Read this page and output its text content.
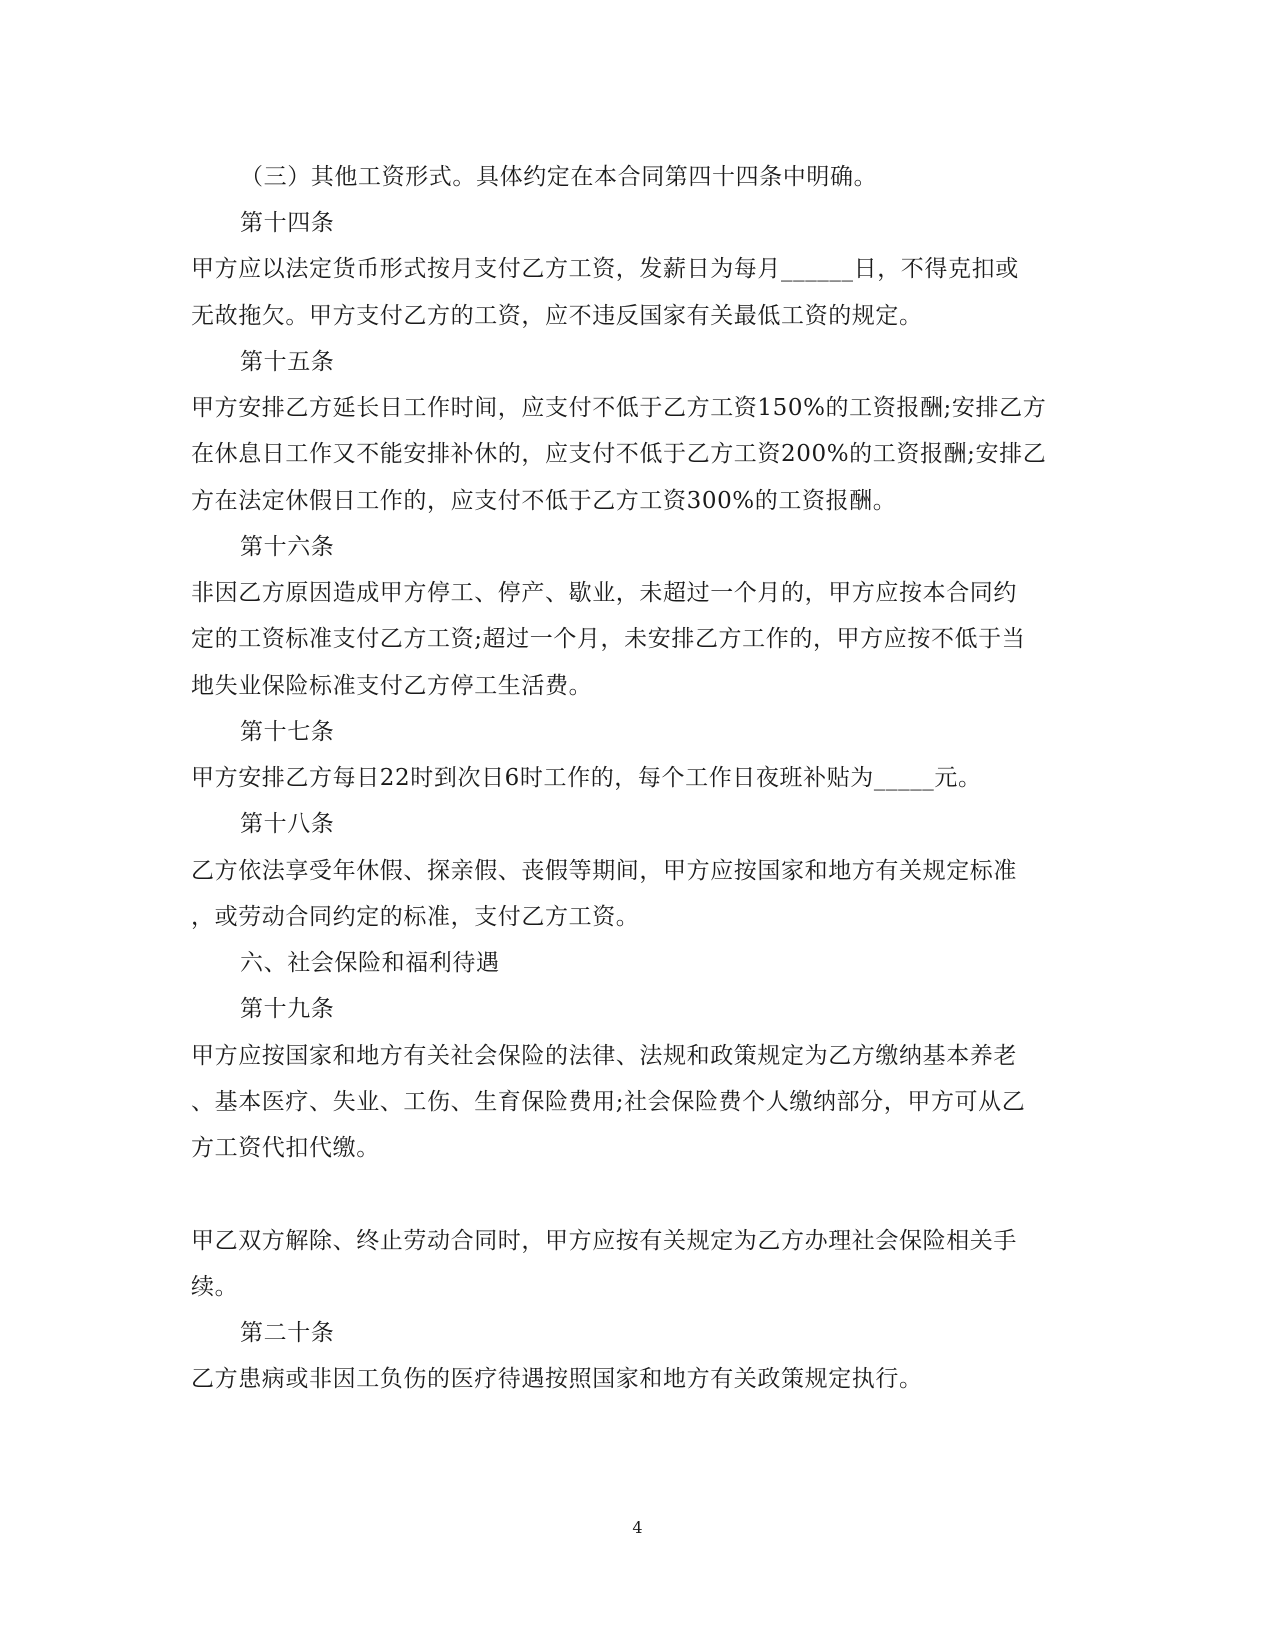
（三）其他工资形式。具体约定在本合同第四十四条中明确。
第十四条
甲方应以法定货币形式按月支付乙方工资，发薪日为每月______日，不得克扣或
无故拖欠。甲方支付乙方的工资，应不违反国家有关最低工资的规定。
第十五条
甲方安排乙方延长日工作时间，应支付不低于乙方工资150%的工资报酬;安排乙方
在休息日工作又不能安排补休的，应支付不低于乙方工资200%的工资报酬;安排乙
方在法定休假日工作的，应支付不低于乙方工资300%的工资报酬。
第十六条
非因乙方原因造成甲方停工、停产、歇业，未超过一个月的，甲方应按本合同约
定的工资标准支付乙方工资;超过一个月，未安排乙方工作的，甲方应按不低于当
地失业保险标准支付乙方停工生活费。
第十七条
甲方安排乙方每日22时到次日6时工作的，每个工作日夜班补贴为_____元。
第十八条
乙方依法享受年休假、探亲假、丧假等期间，甲方应按国家和地方有关规定标准
，或劳动合同约定的标准，支付乙方工资。
六、社会保险和福利待遇
第十九条
甲方应按国家和地方有关社会保险的法律、法规和政策规定为乙方缴纳基本养老
、基本医疗、失业、工伤、生育保险费用;社会保险费个人缴纳部分，甲方可从乙
方工资代扣代缴。
甲乙双方解除、终止劳动合同时，甲方应按有关规定为乙方办理社会保险相关手
续。
第二十条
乙方患病或非因工负伤的医疗待遇按照国家和地方有关政策规定执行。
4
